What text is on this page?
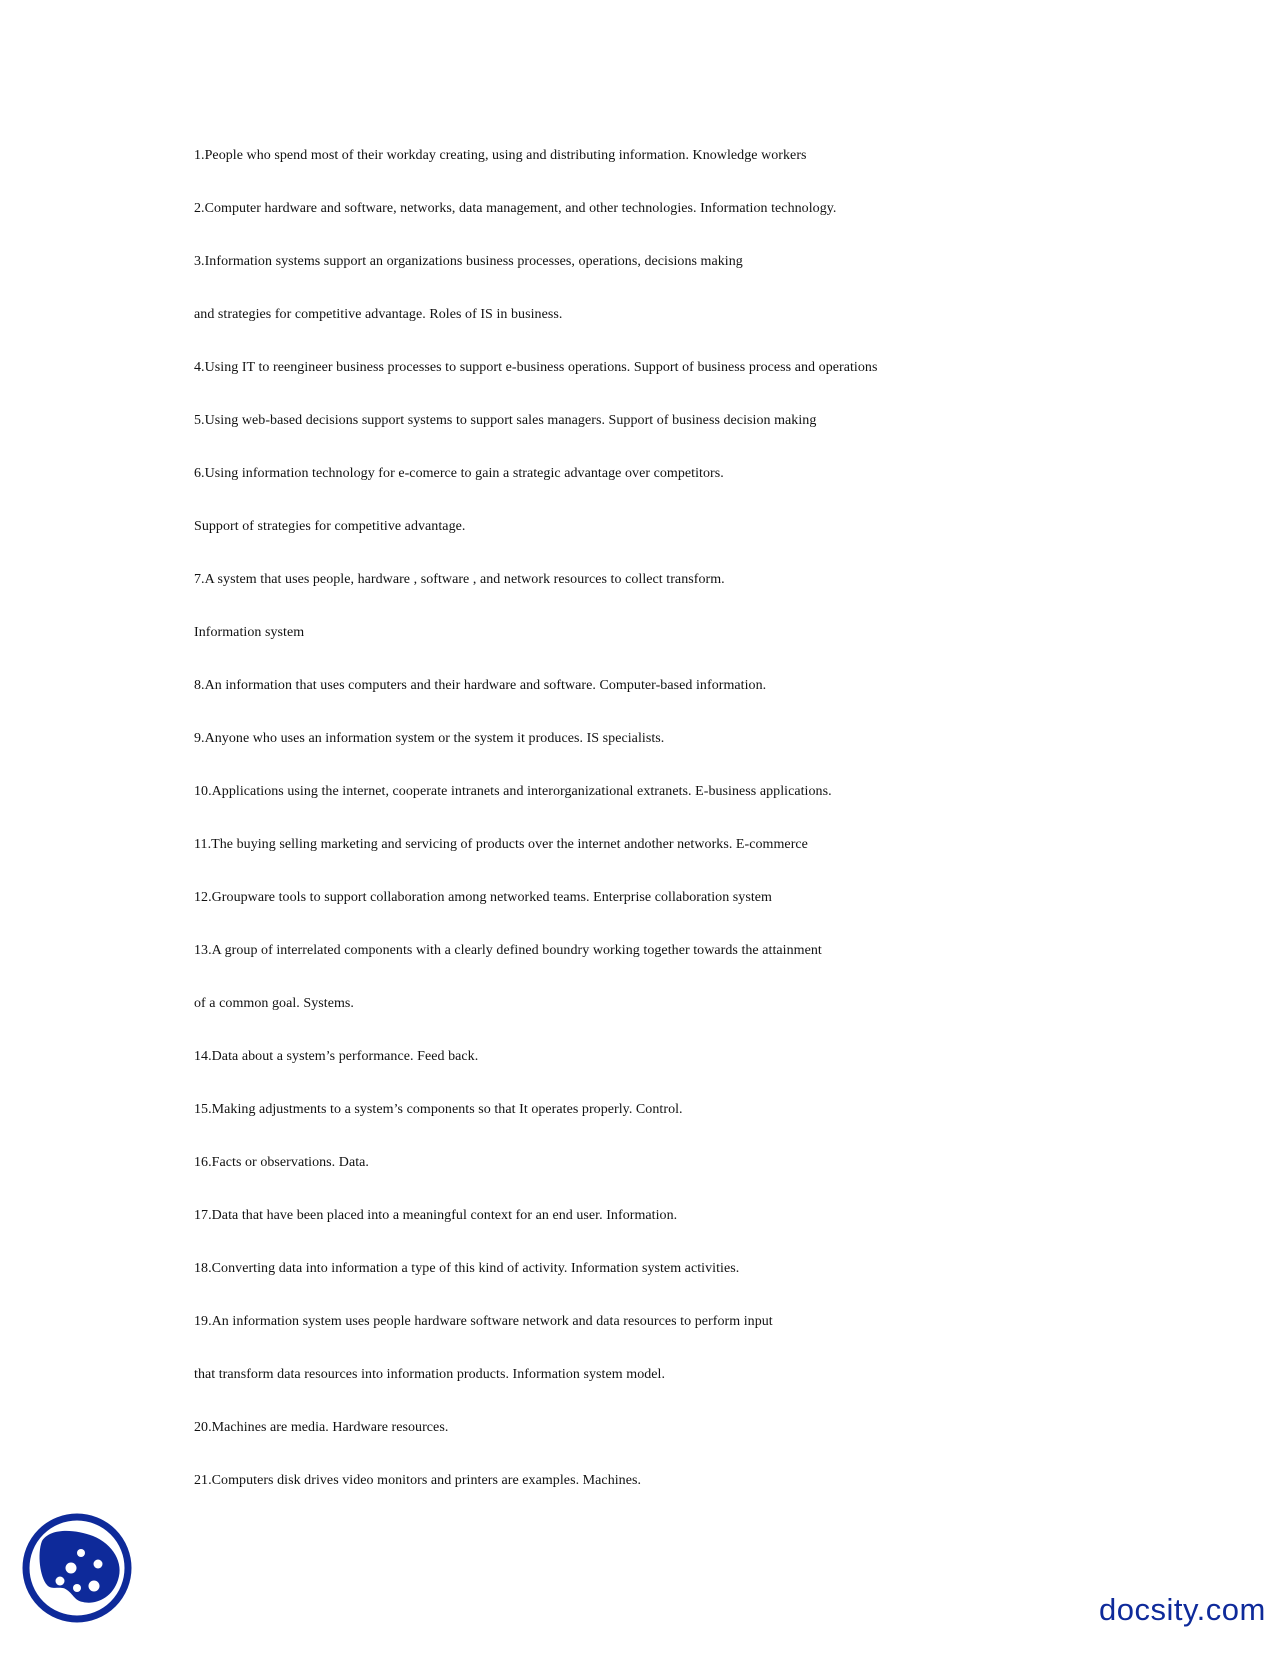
1.People who spend most of their workday creating, using and distributing information. Knowledge workers
2.Computer hardware and software, networks, data management, and other technologies. Information technology.
3.Information systems support an organizations business processes, operations, decisions making
and strategies for competitive advantage. Roles of IS in business.
4.Using IT to reengineer business processes to support e-business operations. Support of business process and operations
5.Using web-based decisions support systems to support sales managers. Support of business decision making
6.Using information technology for e-comerce to gain a strategic advantage over competitors.
Support of strategies for competitive advantage.
7.A system that uses people, hardware , software , and network resources to collect transform.
Information system
8.An information that uses computers and their hardware and software. Computer-based information.
9.Anyone who uses an information system or the system it produces. IS specialists.
10.Applications using the internet, cooperate intranets and interorganizational extranets. E-business applications.
11.The buying selling marketing and servicing of products over the internet andother networks. E-commerce
12.Groupware tools to support collaboration among networked teams. Enterprise collaboration system
13.A group of interrelated components with a clearly defined boundry working together towards the attainment
of a common goal. Systems.
14.Data about a system’s performance. Feed back.
15.Making adjustments to a system’s components so that It operates properly. Control.
16.Facts or observations. Data.
17.Data that have been placed into a meaningful context for an end user. Information.
18.Converting data into information a type of this kind of activity. Information system activities.
19.An information system uses people hardware software network and data resources to perform input
that transform data resources into information products. Information system model.
20.Machines are media. Hardware resources.
21.Computers disk drives video monitors and printers are examples. Machines.
docsity.com
